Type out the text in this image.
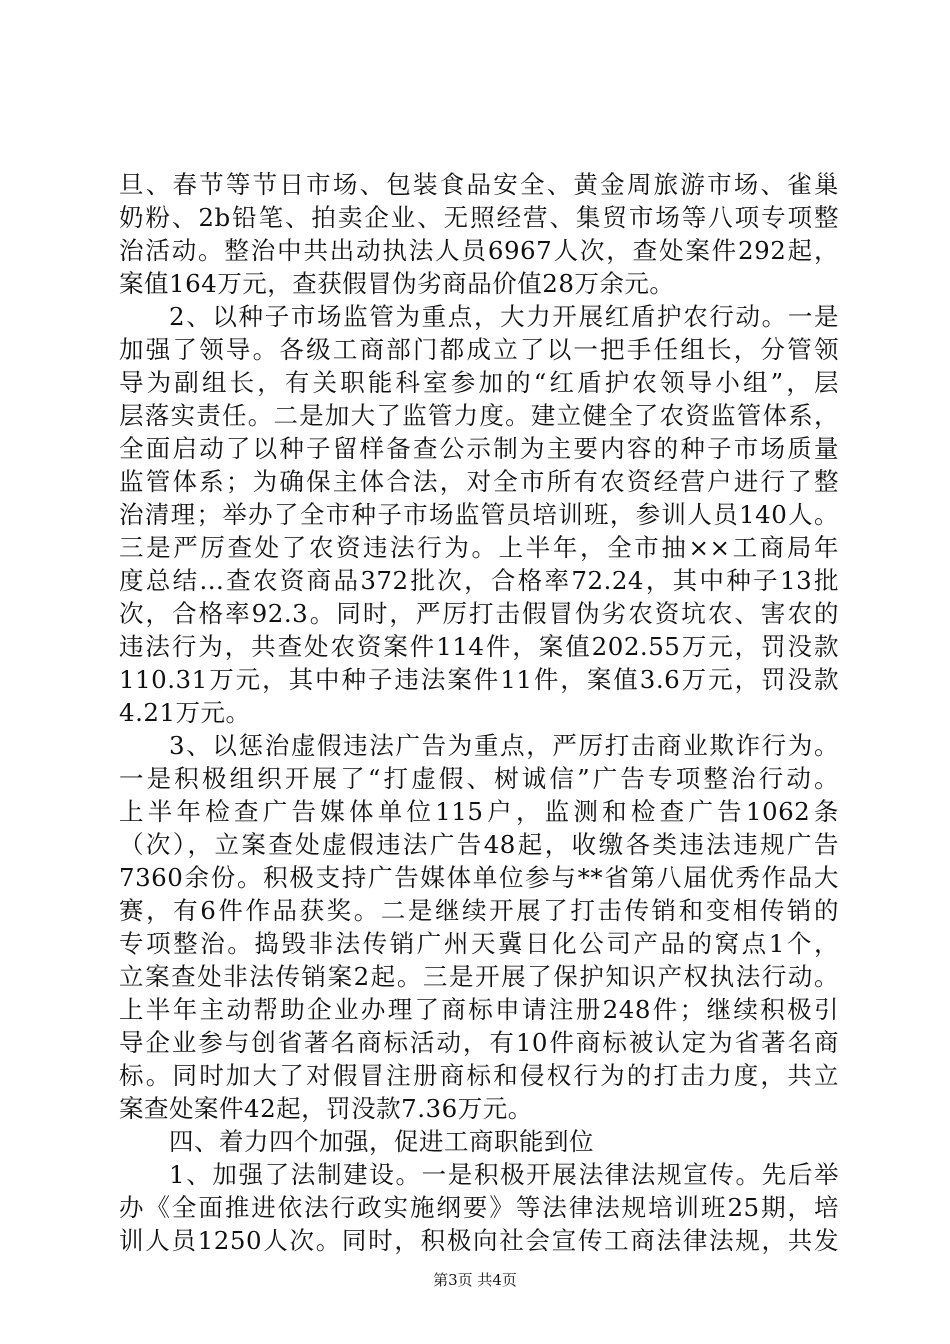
旦、春节等节日市场、包装食品安全、黄金周旅游市场、雀巢
奶粉、2b铅笔、拍卖企业、无照经营、集贸市场等八项专项整
治活动。整治中共出动执法人员6967人次，查处案件292起，
案值164万元，查获假冒伪劣商品价值28万余元。
2、以种子市场监管为重点，大力开展红盾护农行动。一是
加强了领导。各级工商部门都成立了以一把手任组长，分管领
导为副组长，有关职能科室参加的“红盾护农领导小组”，层
层落实责任。二是加大了监管力度。建立健全了农资监管体系，
全面启动了以种子留样备查公示制为主要内容的种子市场质量
监管体系；为确保主体合法，对全市所有农资经营户进行了整
治清理；举办了全市种子市场监管员培训班，参训人员140人。
三是严厉查处了农资违法行为。上半年，全市抽××工商局年
度总结...查农资商品372批次，合格率72.24，其中种子13批
次，合格率92.3。同时，严厉打击假冒伪劣农资坑农、害农的
违法行为，共查处农资案件114件，案值202.55万元，罚没款
110.31万元，其中种子违法案件11件，案值3.6万元，罚没款
4.21万元。
3、以惩治虚假违法广告为重点，严厉打击商业欺诈行为。
一是积极组织开展了“打虚假、树诚信”广告专项整治行动。
上半年检查广告媒体单位115户，监测和检查广告1062条
（次），立案查处虚假违法广告48起，收缴各类违法违规广告
7360余份。积极支持广告媒体单位参与**省第八届优秀作品大
赛，有6件作品获奖。二是继续开展了打击传销和变相传销的
专项整治。捣毁非法传销广州天冀日化公司产品的窝点1个，
立案查处非法传销案2起。三是开展了保护知识产权执法行动。
上半年主动帮助企业办理了商标申请注册248件；继续积极引
导企业参与创省著名商标活动，有10件商标被认定为省著名商
标。同时加大了对假冒注册商标和侵权行为的打击力度，共立
案查处案件42起，罚没款7.36万元。
四、着力四个加强，促进工商职能到位
1、加强了法制建设。一是积极开展法律法规宣传。先后举
办《全面推进依法行政实施纲要》等法律法规培训班25期，培
训人员1250人次。同时，积极向社会宣传工商法律法规，共发
第3页 共4页
